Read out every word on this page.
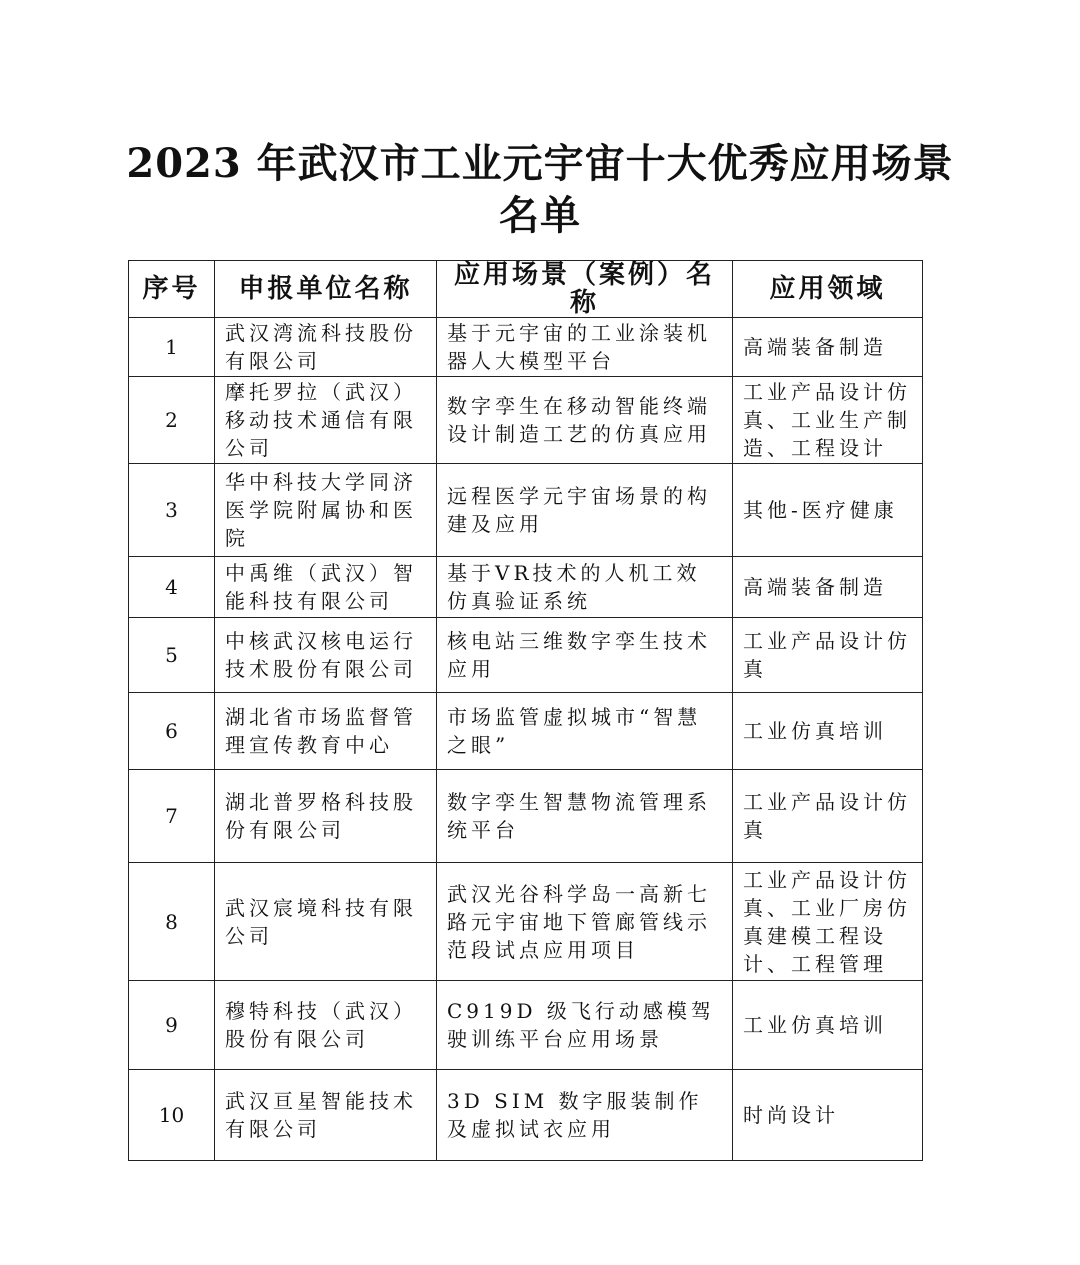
2023 年武汉市工业元宇宙十大优秀应用场景
名单
序号	申报单位名称	应用场景（案例）名称	应用领域
1	武汉湾流科技股份有限公司	基于元宇宙的工业涂装机器人大模型平台	高端装备制造
2	摩托罗拉（武汉）移动技术通信有限公司	数字孪生在移动智能终端设计制造工艺的仿真应用	工业产品设计仿真、工业生产制造、工程设计
3	华中科技大学同济医学院附属协和医院	远程医学元宇宙场景的构建及应用	其他-医疗健康
4	中禹维（武汉）智能科技有限公司	基于VR技术的人机工效仿真验证系统	高端装备制造
5	中核武汉核电运行技术股份有限公司	核电站三维数字孪生技术应用	工业产品设计仿真
6	湖北省市场监督管理宣传教育中心	市场监管虚拟城市“智慧之眼”	工业仿真培训
7	湖北普罗格科技股份有限公司	数字孪生智慧物流管理系统平台	工业产品设计仿真
8	武汉宸境科技有限公司	武汉光谷科学岛一高新七路元宇宙地下管廊管线示范段试点应用项目	工业产品设计仿真、工业厂房仿真建模工程设计、工程管理
9	穆特科技（武汉）股份有限公司	C919D 级飞行动感模驾驶训练平台应用场景	工业仿真培训
10	武汉亘星智能技术有限公司	3D SIM 数字服装制作及虚拟试衣应用	时尚设计
